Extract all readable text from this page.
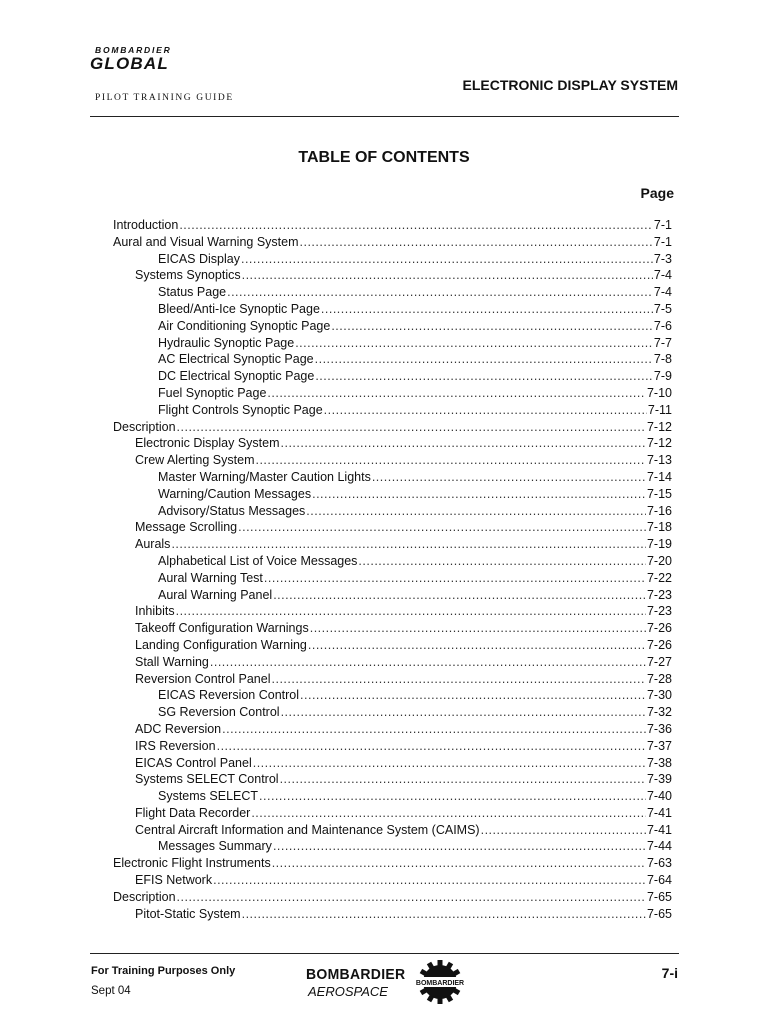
BOMBARDIER
GLOBAL
PILOT TRAINING GUIDE
ELECTRONIC DISPLAY SYSTEM
TABLE OF CONTENTS
Page
Introduction .....	7-1
Aural and Visual Warning System .....	7-1
EICAS Display .....	7-3
Systems Synoptics .....	7-4
Status Page .....	7-4
Bleed/Anti-Ice Synoptic Page .....	7-5
Air Conditioning Synoptic Page .....	7-6
Hydraulic Synoptic Page .....	7-7
AC Electrical Synoptic Page .....	7-8
DC Electrical Synoptic Page .....	7-9
Fuel Synoptic Page .....	7-10
Flight Controls Synoptic Page .....	7-11
Description .....	7-12
Electronic Display System .....	7-12
Crew Alerting System .....	7-13
Master Warning/Master Caution Lights .....	7-14
Warning/Caution Messages .....	7-15
Advisory/Status Messages .....	7-16
Message Scrolling .....	7-18
Aurals .....	7-19
Alphabetical List of Voice Messages .....	7-20
Aural Warning Test .....	7-22
Aural Warning Panel .....	7-23
Inhibits .....	7-23
Takeoff Configuration Warnings .....	7-26
Landing Configuration Warning .....	7-26
Stall Warning .....	7-27
Reversion Control Panel .....	7-28
EICAS Reversion Control .....	7-30
SG Reversion Control .....	7-32
ADC Reversion .....	7-36
IRS Reversion .....	7-37
EICAS Control Panel .....	7-38
Systems SELECT Control .....	7-39
Systems SELECT .....	7-40
Flight Data Recorder .....	7-41
Central Aircraft Information and Maintenance System (CAIMS) .....	7-41
Messages Summary .....	7-44
Electronic Flight Instruments .....	7-63
EFIS Network .....	7-64
Description .....	7-65
Pitot-Static System .....	7-65
For Training Purposes Only
Sept 04
BOMBARDIER
AEROSPACE
BOMBARDIER
7-i
